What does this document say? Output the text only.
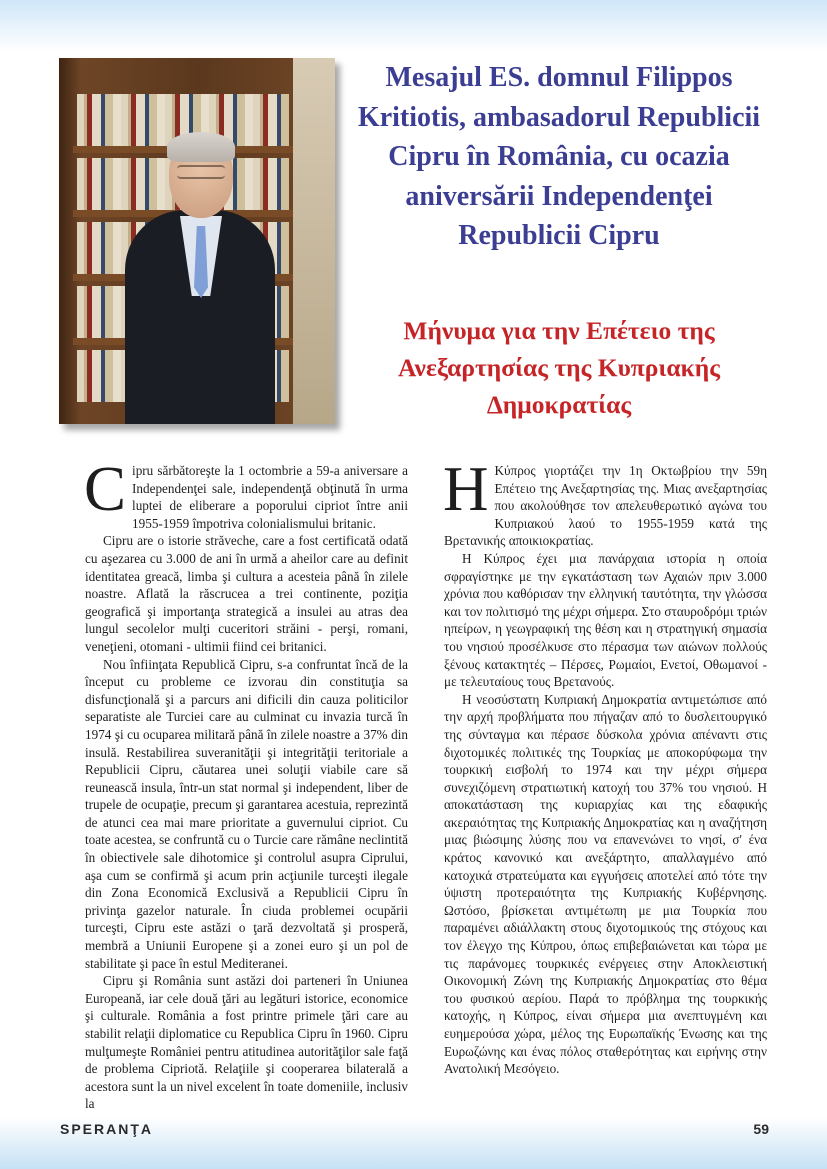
Mesajul ES. domnul Filippos Kritiotis, ambasadorul Republicii Cipru în România, cu ocazia aniversării Independenţei Republicii Cipru
Μήνυμα για την Επέτειο της Ανεξαρτησίας της Κυπριακής Δημοκρατίας

Cipru sărbătoreşte la 1 octombrie a 59-a aniversare a Independenţei sale, independenţă obţinută în urma luptei de eliberare a poporului cipriot între anii 1955-1959 împotriva colonialismului britanic.

Cipru are o istorie străveche, care a fost certificată odată cu aşezarea cu 3.000 de ani în urmă a aheilor care au definit identitatea greacă, limba şi cultura a acesteia până în zilele noastre. Aflată la răscrucea a trei continente, poziţia geografică şi importanţa strategică a insulei au atras dea lungul secolelor mulţi cuceritori străini - perşi, romani, veneţieni, otomani - ultimii fiind cei britanici.

Nou înfiinţata Republică Cipru, s-a confruntat încă de la început cu probleme ce izvorau din constituţia sa disfuncţională şi a parcurs ani dificili din cauza politicilor separatiste ale Turciei care au culminat cu invazia turcă în 1974 şi cu ocuparea militară până în zilele noastre a 37% din insulă. Restabilirea suveranităţii şi integrităţii teritoriale a Republicii Cipru, căutarea unei soluţii viabile care să reunească insula, într-un stat normal şi independent, liber de trupele de ocupaţie, precum şi garantarea acestuia, reprezintă de atunci cea mai mare prioritate a guvernului cipriot. Cu toate acestea, se confruntă cu o Turcie care rămâne neclintită în obiectivele sale dihotomice şi controlul asupra Ciprului, aşa cum se confirmă şi acum prin acţiunile turceşti ilegale din Zona Economică Exclusivă a Republicii Cipru în privinţa gazelor naturale. În ciuda problemei ocupării turceşti, Cipru este astăzi o ţară dezvoltată şi prosperă, membră a Uniunii Europene şi a zonei euro şi un pol de stabilitate şi pace în estul Mediteranei.

Cipru şi România sunt astăzi doi parteneri în Uniunea Europeană, iar cele două ţări au legături istorice, economice şi culturale. România a fost printre primele ţări care au stabilit relaţii diplomatice cu Republica Cipru în 1960. Cipru mulţumeşte României pentru atitudinea autorităţilor sale faţă de problema Cipriotă. Relaţiile şi cooperarea bilaterală a acestora sunt la un nivel excelent în toate domeniile, inclusiv la

H Κύπρος γιορτάζει την 1η Οκτωβρίου την 59η Επέτειο της Ανεξαρτησίας της. Μιας ανεξαρτησίας που ακολούθησε τον απελευθερωτικό αγώνα του Κυπριακού λαού το 1955-1959 κατά της Βρετανικής αποικιοκρατίας.

Η Κύπρος έχει μια πανάρχαια ιστορία η οποία σφραγίστηκε με την εγκατάσταση των Αχαιών πριν 3.000 χρόνια που καθόρισαν την ελληνική ταυτότητα, την γλώσσα και τον πολιτισμό της μέχρι σήμερα. Στο σταυροδρόμι τριών ηπείρων, η γεωγραφική της θέση και η στρατηγική σημασία του νησιού προσέλκυσε στο πέρασμα των αιώνων πολλούς ξένους κατακτητές – Πέρσες, Ρωμαίοι, Ενετοί, Οθωμανοί - με τελευταίους τους Βρετανούς.

Η νεοσύστατη Κυπριακή Δημοκρατία αντιμετώπισε από την αρχή προβλήματα που πήγαζαν από το δυσλειτουργικό της σύνταγμα και πέρασε δύσκολα χρόνια απέναντι στις διχοτομικές πολιτικές της Τουρκίας με αποκορύφωμα την τουρκική εισβολή το 1974 και την μέχρι σήμερα συνεχιζόμενη στρατιωτική κατοχή του 37% του νησιού. Η αποκατάσταση της κυριαρχίας και της εδαφικής ακεραιότητας της Κυπριακής Δημοκρατίας και η αναζήτηση μιας βιώσιμης λύσης που να επανενώνει το νησί, σ' ένα κράτος κανονικό και ανεξάρτητο, απαλλαγμένο από κατοχικά στρατεύματα και εγγυήσεις αποτελεί από τότε την ύψιστη προτεραιότητα της Κυπριακής Κυβέρνησης. Ωστόσο, βρίσκεται αντιμέτωπη με μια Τουρκία που παραμένει αδιάλλακτη στους διχοτομικούς της στόχους και τον έλεγχο της Κύπρου, όπως επιβεβαιώνεται και τώρα με τις παράνομες τουρκικές ενέργειες στην Αποκλειστική Οικονομική Ζώνη της Κυπριακής Δημοκρατίας στο θέμα του φυσικού αερίου. Παρά το πρόβλημα της τουρκικής κατοχής, η Κύπρος, είναι σήμερα μια ανεπτυγμένη και ευημερούσα χώρα, μέλος της Ευρωπαϊκής Ένωσης και της Ευρωζώνης και ένας πόλος σταθερότητας και ειρήνης στην Ανατολική Μεσόγειο.

SPERANŢA	59
